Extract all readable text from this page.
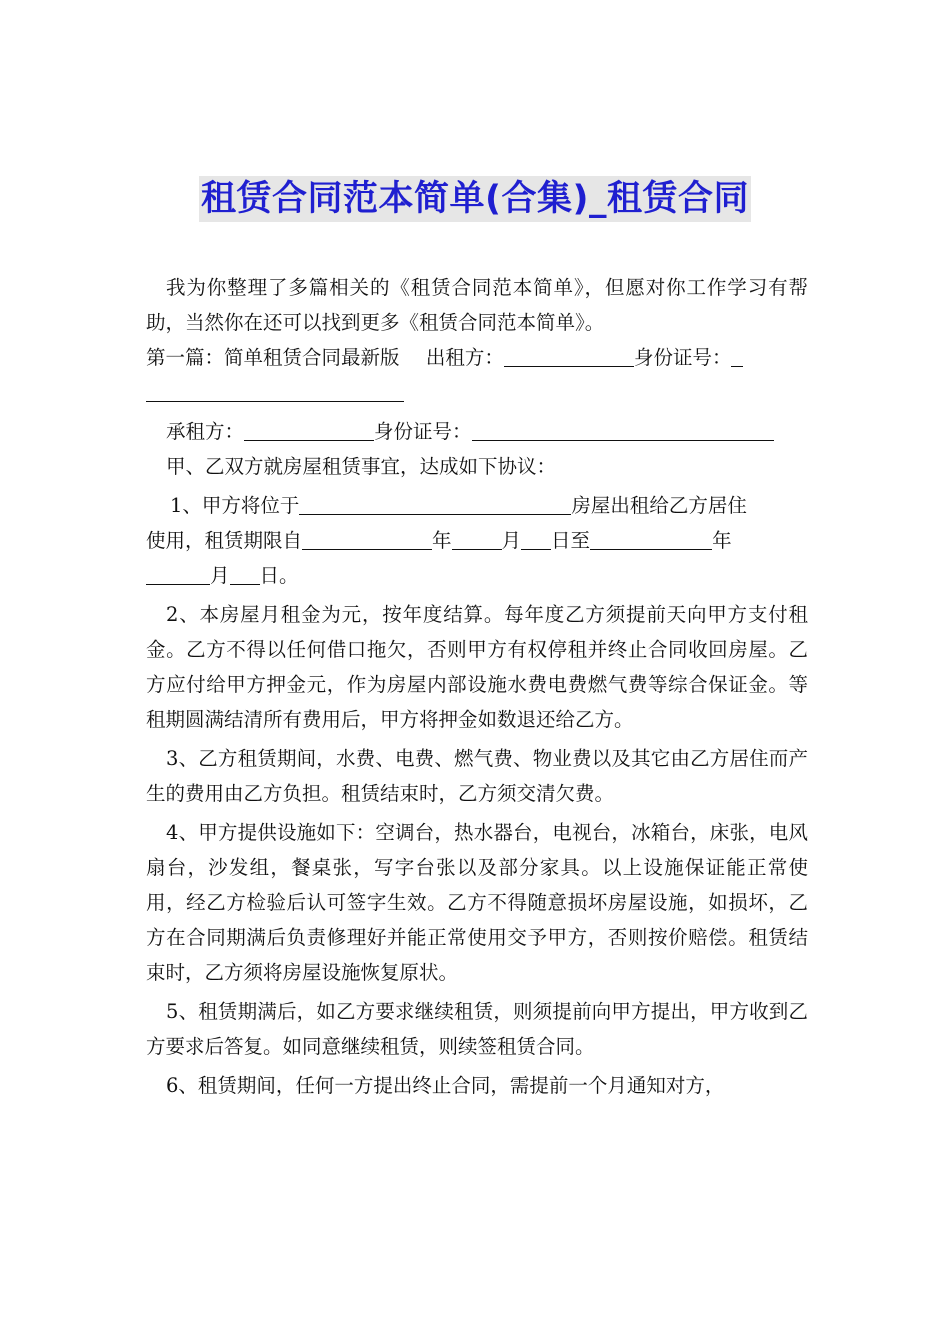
租赁合同范本简单(合集)_租赁合同

我为你整理了多篇相关的《租赁合同范本简单》，但愿对你工作学习有帮助，当然你在还可以找到更多《租赁合同范本简单》。

第一篇：简单租赁合同最新版 出租方：	身份证号：
承租方：	身份证号：

甲、乙双方就房屋租赁事宜，达成如下协议：

1、甲方将位于	房屋出租给乙方居住
使用，租赁期限自	年	月 日至	年
月 日。

2、本房屋月租金为元，按年度结算。每年度乙方须提前天向甲方支付租金。乙方不得以任何借口拖欠，否则甲方有权停租并终止合同收回房屋。乙方应付给甲方押金元，作为房屋内部设施水费电费燃气费等综合保证金。等租期圆满结清所有费用后，甲方将押金如数退还给乙方。

3、乙方租赁期间，水费、电费、燃气费、物业费以及其它由乙方居住而产生的费用由乙方负担。租赁结束时，乙方须交清欠费。

4、甲方提供设施如下：空调台，热水器台，电视台，冰箱台，床张，电风扇台，沙发组，餐桌张，写字台张以及部分家具。以上设施保证能正常使用，经乙方检验后认可签字生效。乙方不得随意损坏房屋设施，如损坏，乙方在合同期满后负责修理好并能正常使用交予甲方，否则按价赔偿。租赁结束时，乙方须将房屋设施恢复原状。

5、租赁期满后，如乙方要求继续租赁，则须提前向甲方提出，甲方收到乙方要求后答复。如同意继续租赁，则续签租赁合同。

6、租赁期间，任何一方提出终止合同，需提前一个月通知对方，
